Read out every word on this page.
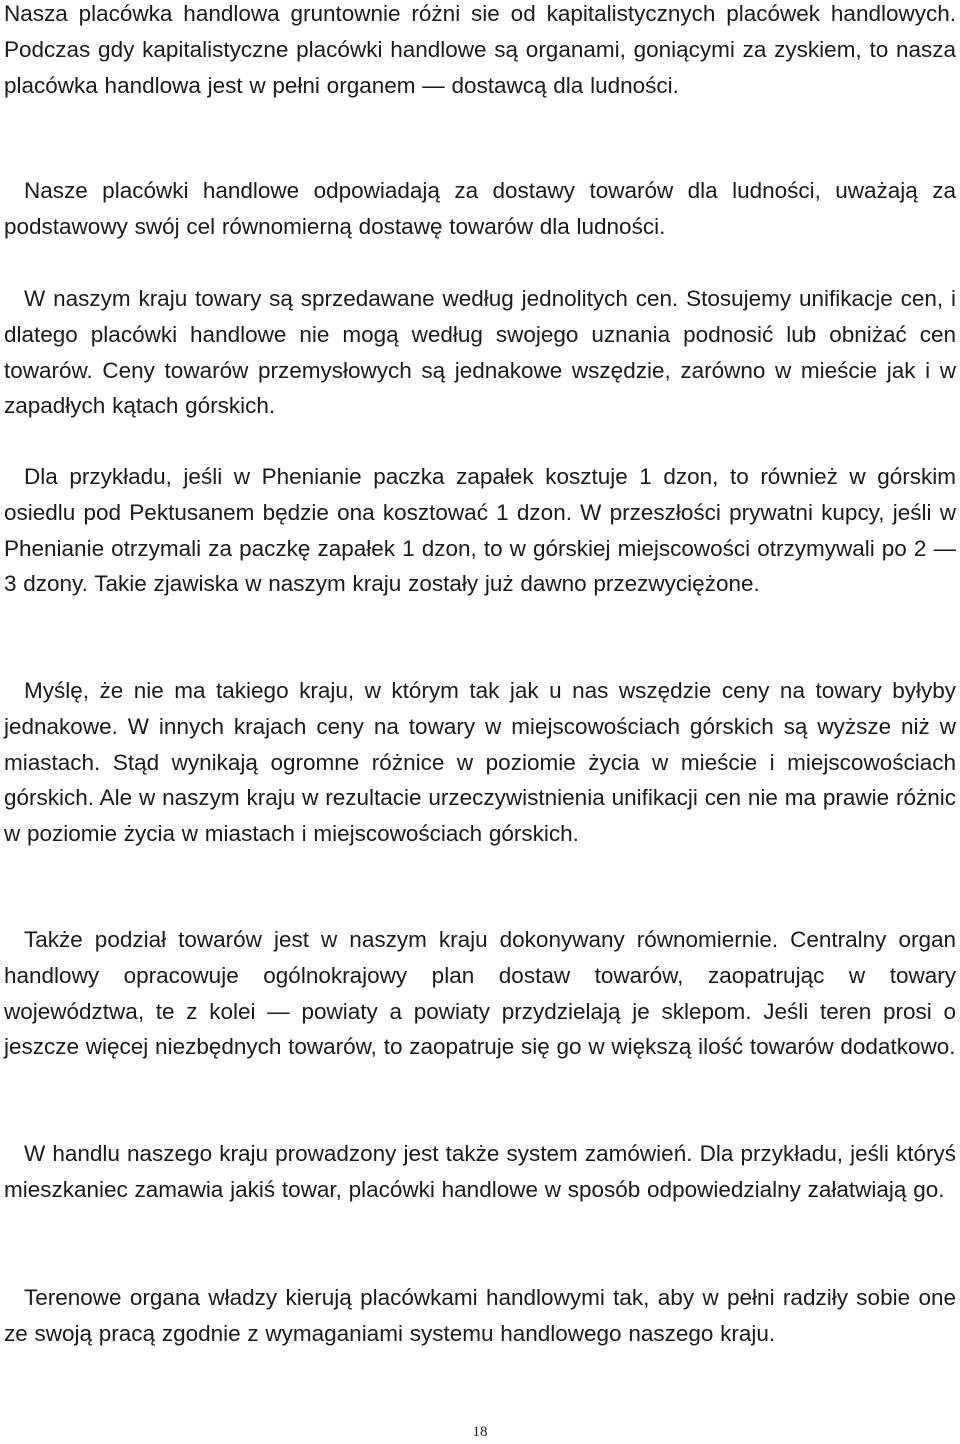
Nasza placówka handlowa gruntownie różni sie od kapitalistycznych placówek handlowych. Podczas gdy kapitalistyczne placówki handlowe są organami, goniącymi za zyskiem, to nasza placówka handlowa jest w pełni organem — dostawcą dla ludności.

Nasze placówki handlowe odpowiadają za dostawy towarów dla ludności, uważają za podstawowy swój cel równomierną dostawę towarów dla ludności.

W naszym kraju towary są sprzedawane według jednolitych cen. Stosujemy unifikacje cen, i dlatego placówki handlowe nie mogą według swojego uznania podnosić lub obniżać cen towarów. Ceny towarów przemysłowych są jednakowe wszędzie, zarówno w mieście jak i w zapadłych kątach górskich.

Dla przykładu, jeśli w Phenianie paczka zapałek kosztuje 1 dzon, to również w górskim osiedlu pod Pektusanem będzie ona kosztować 1 dzon. W przeszłości prywatni kupcy, jeśli w Phenianie otrzymali za paczkę zapałek 1 dzon, to w górskiej miejscowości otrzymywali po 2 — 3 dzony. Takie zjawiska w naszym kraju zostały już dawno przezwyciężone.

Myślę, że nie ma takiego kraju, w którym tak jak u nas wszędzie ceny na towary byłyby jednakowe. W innych krajach ceny na towary w miejscowościach górskich są wyższe niż w miastach. Stąd wynikają ogromne różnice w poziomie życia w mieście i miejscowościach górskich. Ale w naszym kraju w rezultacie urzeczywistnienia unifikacji cen nie ma prawie różnic w poziomie życia w miastach i miejscowościach górskich.

Także podział towarów jest w naszym kraju dokonywany równomiernie. Centralny organ handlowy opracowuje ogólnokrajowy plan dostaw towarów, zaopatrując w towary województwa, te z kolei — powiaty a powiaty przydzielają je sklepom. Jeśli teren prosi o jeszcze więcej niezbędnych towarów, to zaopatruje się go w większą ilość towarów dodatkowo.

W handlu naszego kraju prowadzony jest także system zamówień. Dla przykładu, jeśli któryś mieszkaniec zamawia jakiś towar, placówki handlowe w sposób odpowiedzialny załatwiają go.

Terenowe organa władzy kierują placówkami handlowymi tak, aby w pełni radziły sobie one ze swoją pracą zgodnie z wymaganiami systemu handlowego naszego kraju.

18
